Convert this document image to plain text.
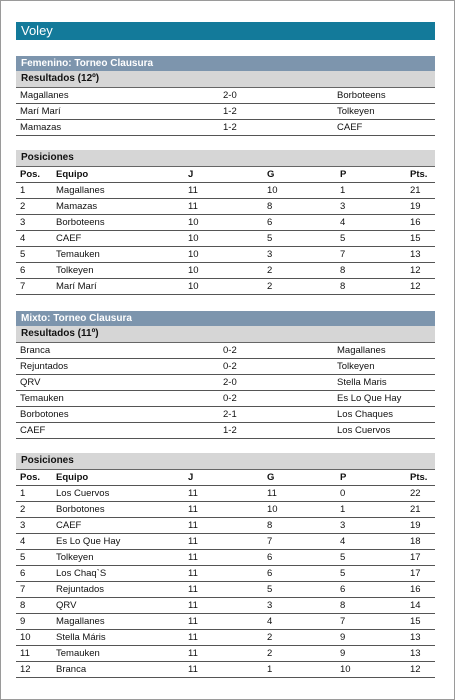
Voley
Femenino: Torneo Clausura
Resultados (12º)
Magallanes	2-0	Borboteens
Marí Marí	1-2	Tolkeyen
Mamazas	1-2	CAEF
Posiciones
Pos. Equipo	J	G	P	Pts.
1	Magallanes	11	10	1	21
2	Mamazas	11	8	3	19
3	Borboteens	10	6	4	16
4	CAEF	10	5	5	15
5	Temauken	10	3	7	13
6	Tolkeyen	10	2	8	12
7	Marí Marí	10	2	8	12
Mixto: Torneo Clausura
Resultados (11º)
Branca	0-2	Magallanes
Rejuntados	0-2	Tolkeyen
QRV	2-0	Stella Maris
Temauken	0-2	Es Lo Que Hay
Borbotones	2-1	Los Chaques
CAEF	1-2	Los Cuervos
Posiciones
Pos. Equipo	J	G	P	Pts.
1	Los Cuervos	11	11	0	22
2	Borbotones	11	10	1	21
3	CAEF	11	8	3	19
4	Es Lo Que Hay	11	7	4	18
5	Tolkeyen	11	6	5	17
6	Los Chaq`S	11	6	5	17
7	Rejuntados	11	5	6	16
8	QRV	11	3	8	14
9	Magallanes	11	4	7	15
10	Stella Máris	11	2	9	13
11	Temauken	11	2	9	13
12	Branca	11	1	10	12
